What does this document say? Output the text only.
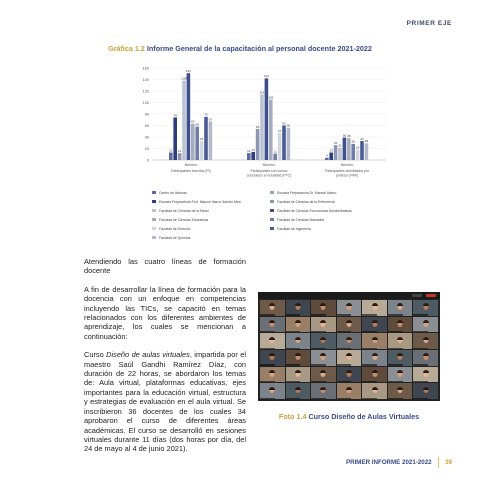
PRIMER EJE
Gráfica 1.2 Informe General de la capacitación al personal docente 2021-2022
0
20
40
60
80
100
120
140
160
13
74
12
138
151
63
58
33
75
67
Número
Participantes inscritos (PI)
12 14
54
114
142
105
11
47
60
56
Número
Participantes con cursos
concluidos en totalidad (PTC)
4
13
26
21
39 38
28
18
33
29
Número
Participantes acreditados por
profesor (PAP)
Centro de Idiomas
Escuela Preparatoria Prof. Manuel Ibarra Garrido Mtra
Facultad de Ciencias de la Salud
Facultad de Ciencias Educativas
Facultad de Derecho
Facultad de Química
Escuela Preparatoria Dr. Manuel Alamo
Facultad de Ciencias de la Enfermería
Facultad de Ciencias Económicas Administrativas
Facultad de Ciencias Naturales
Facultad de Ingeniería

Atendiendo las cuatro líneas de formación docente

A fin de desarrollar la línea de formación para la docencia con un enfoque en competencias incluyendo las TICs, se capacitó en temas relacionados con los diferentes ambientes de aprendizaje, los cuales se mencionan a continuación:

Curso Diseño de aulas virtuales, impartida por el maestro Saúl Gandhi Ramírez Díaz, con duración de 22 horas, se abordaron los temas de: Aula virtual, plataformas educativas, ejes importantes para la educación virtual, estructura y estrategias de evaluación en el aula virtual. Se inscribieron 36 docentes de los cuales 34 aprobaron el curso de diferentes áreas académicas. El curso se desarrolló en sesiones virtuales durante 11 días (dos horas por día, del 24 de mayo al 4 de junio 2021).

Foto 1.4 Curso Diseño de Aulas Virtuales
PRIMER INFORME 2021-2022 39
